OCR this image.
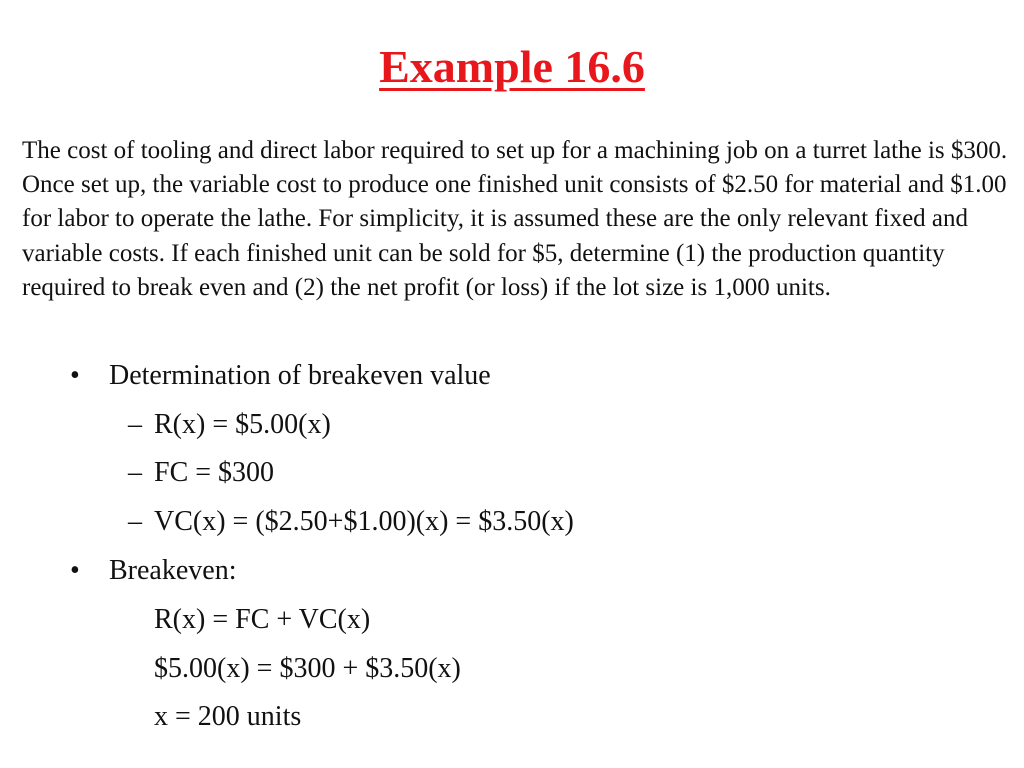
Example 16.6

The cost of tooling and direct labor required to set up for a machining job on a turret lathe is $300. Once set up, the variable cost to produce one finished unit consists of $2.50 for material and $1.00 for labor to operate the lathe. For simplicity, it is assumed these are the only relevant fixed and variable costs. If each finished unit can be sold for $5, determine (1) the production quantity required to break even and (2) the net profit (or loss) if the lot size is 1,000 units.

• Determination of breakeven value
– R(x) = $5.00(x)
– FC = $300
– VC(x) = ($2.50+$1.00)(x) = $3.50(x)
• Breakeven:
R(x) = FC + VC(x)
$5.00(x) = $300 + $3.50(x)
x = 200 units
